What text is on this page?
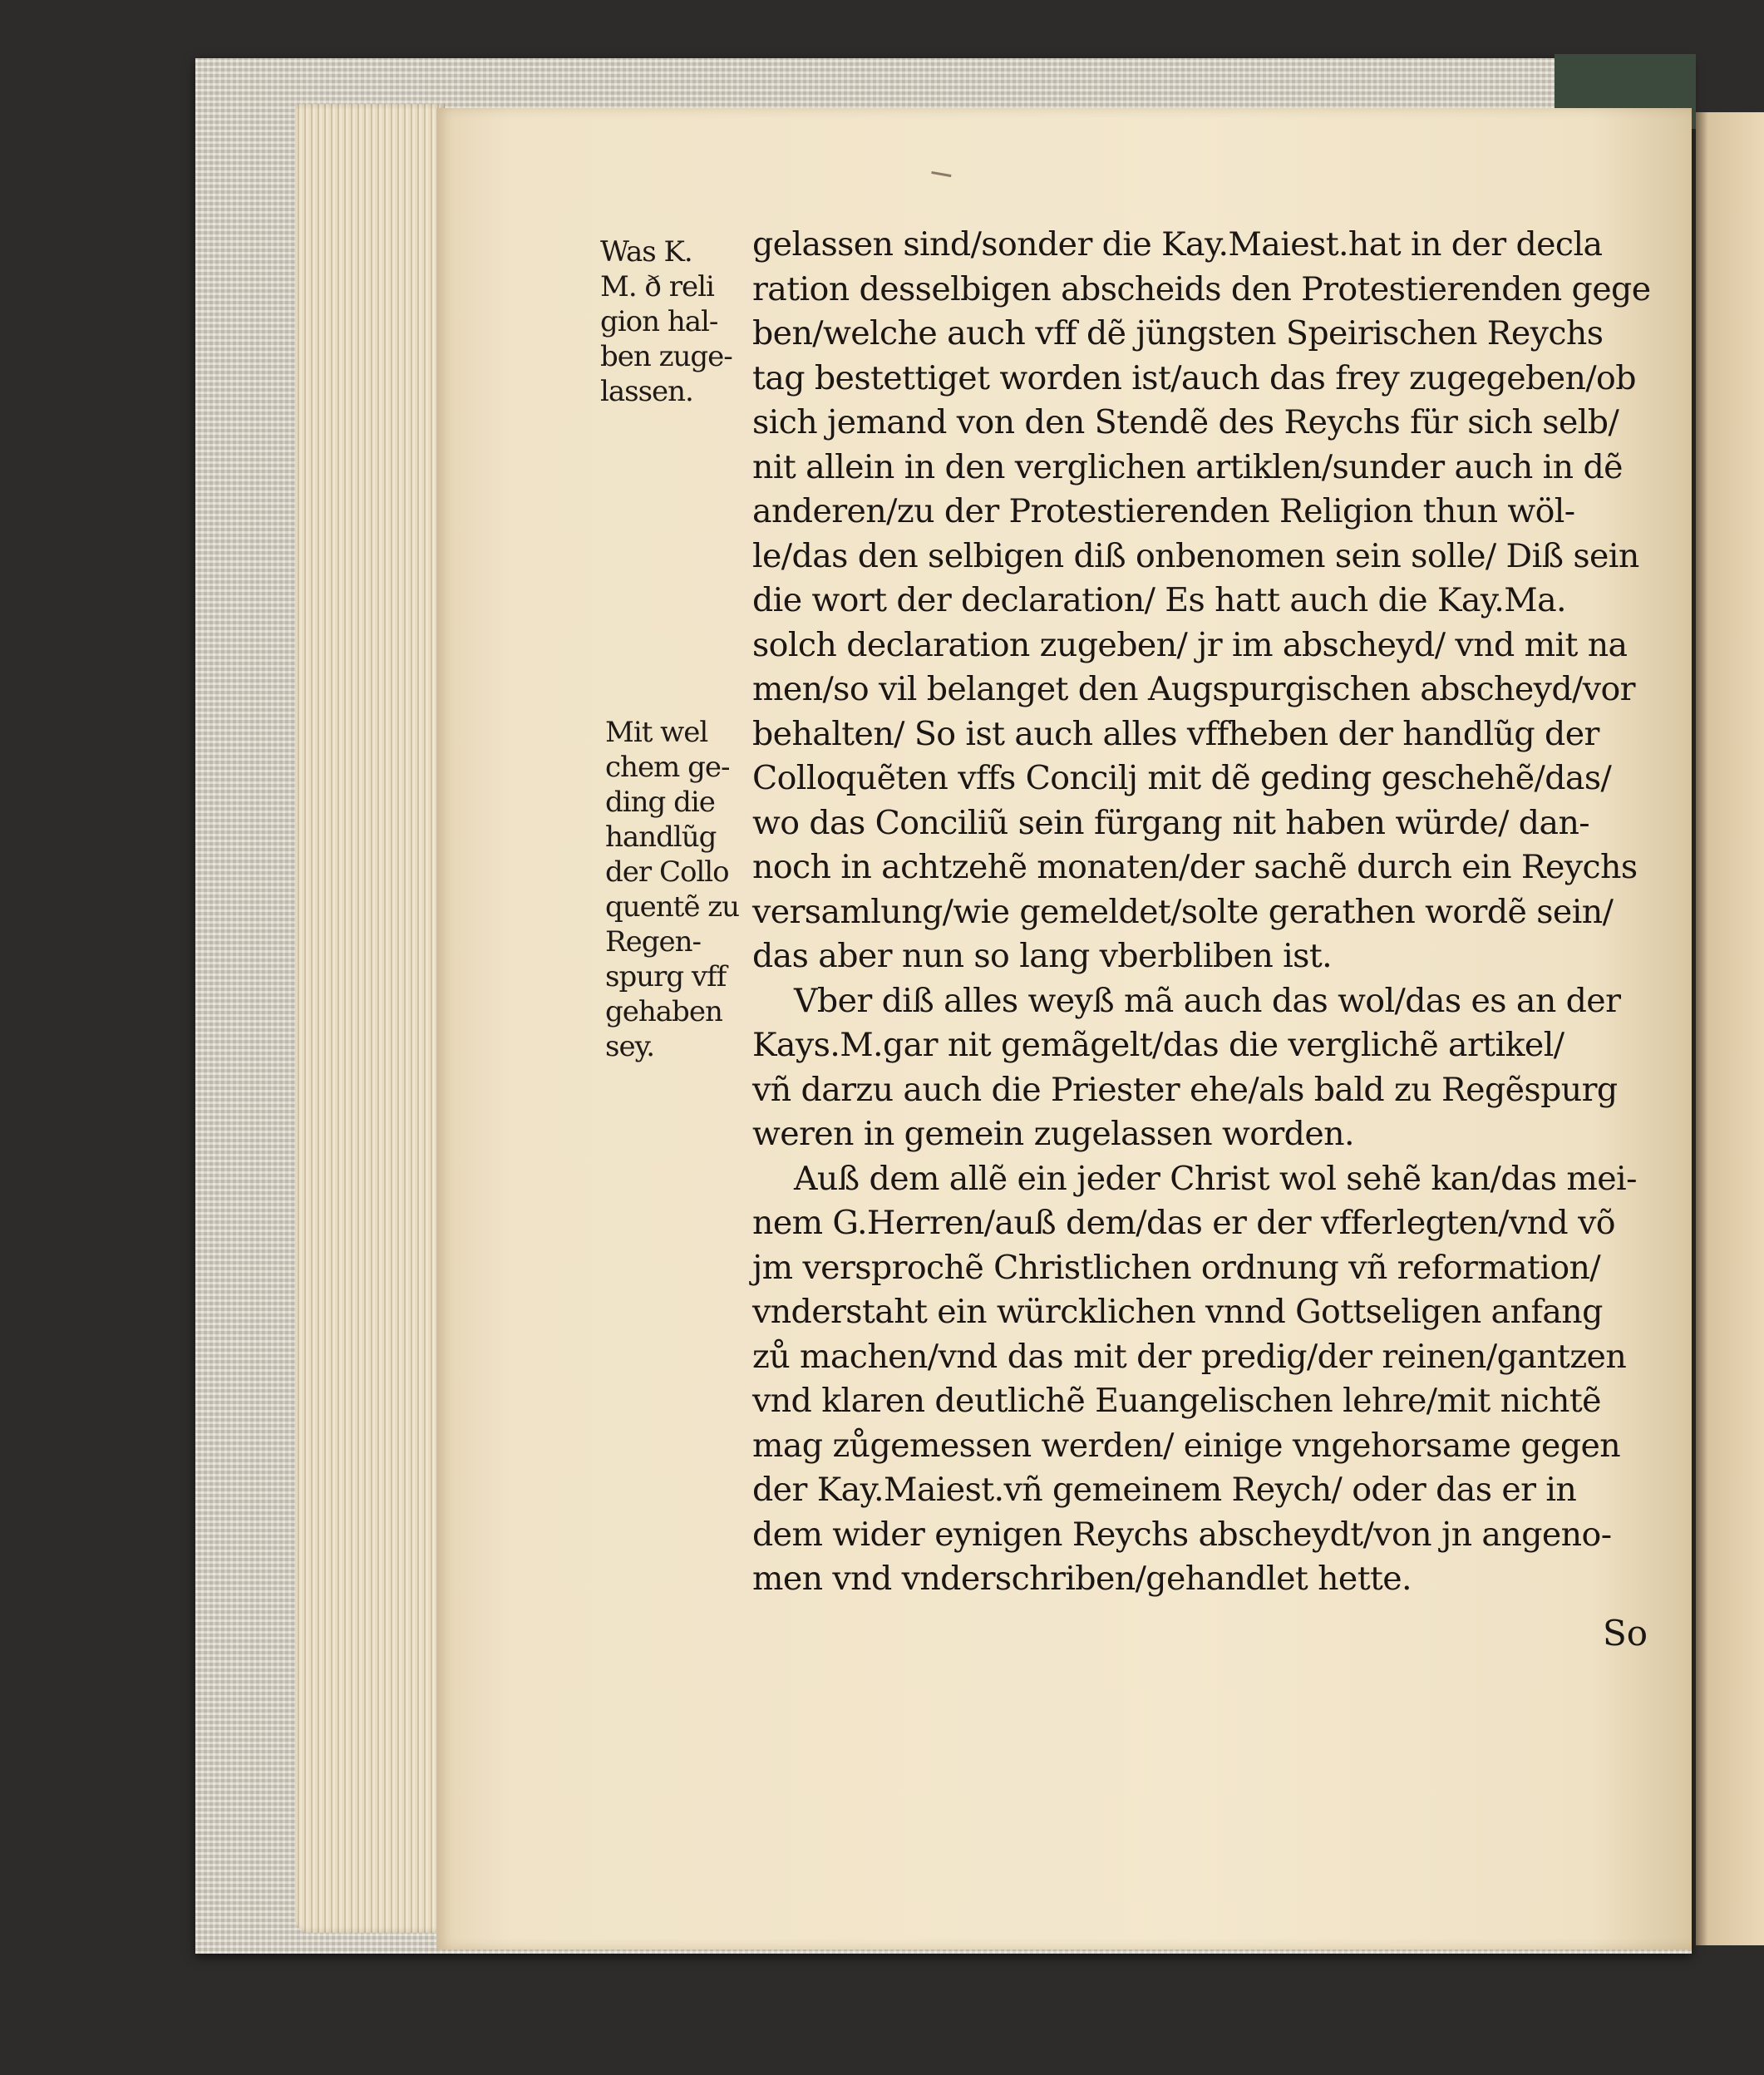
Was K.
M. ð reli
gion hal-
ben zuge-
lassen.
Mit wel
chem ge-
ding die
handlũg
der Collo
quentẽ zu
Regen-
spurg vff
gehaben
sey.
gelassen sind/sonder die Kay.Maiest.hat in der decla
ration desselbigen abscheids den Protestierenden gege
ben/welche auch vff dẽ jüngsten Speirischen Reychs
tag bestettiget worden ist/auch das frey zugegeben/ob
sich jemand von den Stendẽ des Reychs für sich selb/
nit allein in den verglichen artiklen/sunder auch in dẽ
anderen/zu der Protestierenden Religion thun wöl-
le/das den selbigen diß onbenomen sein solle/ Diß sein
die wort der declaration/ Es hatt auch die Kay.Ma.
solch declaration zugeben/ jr im abscheyd/ vnd mit na
men/so vil belanget den Augspurgischen abscheyd/vor
behalten/ So ist auch alles vffheben der handlũg der
Colloquẽten vffs Concilj mit dẽ geding geschehẽ/das/
wo das Conciliũ sein fürgang nit haben würde/ dan-
noch in achtzehẽ monaten/der sachẽ durch ein Reychs
versamlung/wie gemeldet/solte gerathen wordẽ sein/
das aber nun so lang vberbliben ist.
Vber diß alles weyß mã auch das wol/das es an der
Kays.M.gar nit gemãgelt/das die verglichẽ artikel/
vñ darzu auch die Priester ehe/als bald zu Regẽspurg
weren in gemein zugelassen worden.
Auß dem allẽ ein jeder Christ wol sehẽ kan/das mei-
nem G.Herren/auß dem/das er der vfferlegten/vnd võ
jm versprochẽ Christlichen ordnung vñ reformation/
vnderstaht ein würcklichen vnnd Gottseligen anfang
zů machen/vnd das mit der predig/der reinen/gantzen
vnd klaren deutlichẽ Euangelischen lehre/mit nichtẽ
mag zůgemessen werden/ einige vngehorsame gegen
der Kay.Maiest.vñ gemeinem Reych/ oder das er in
dem wider eynigen Reychs abscheydt/von jn angeno-
men vnd vnderschriben/gehandlet hette.
So
